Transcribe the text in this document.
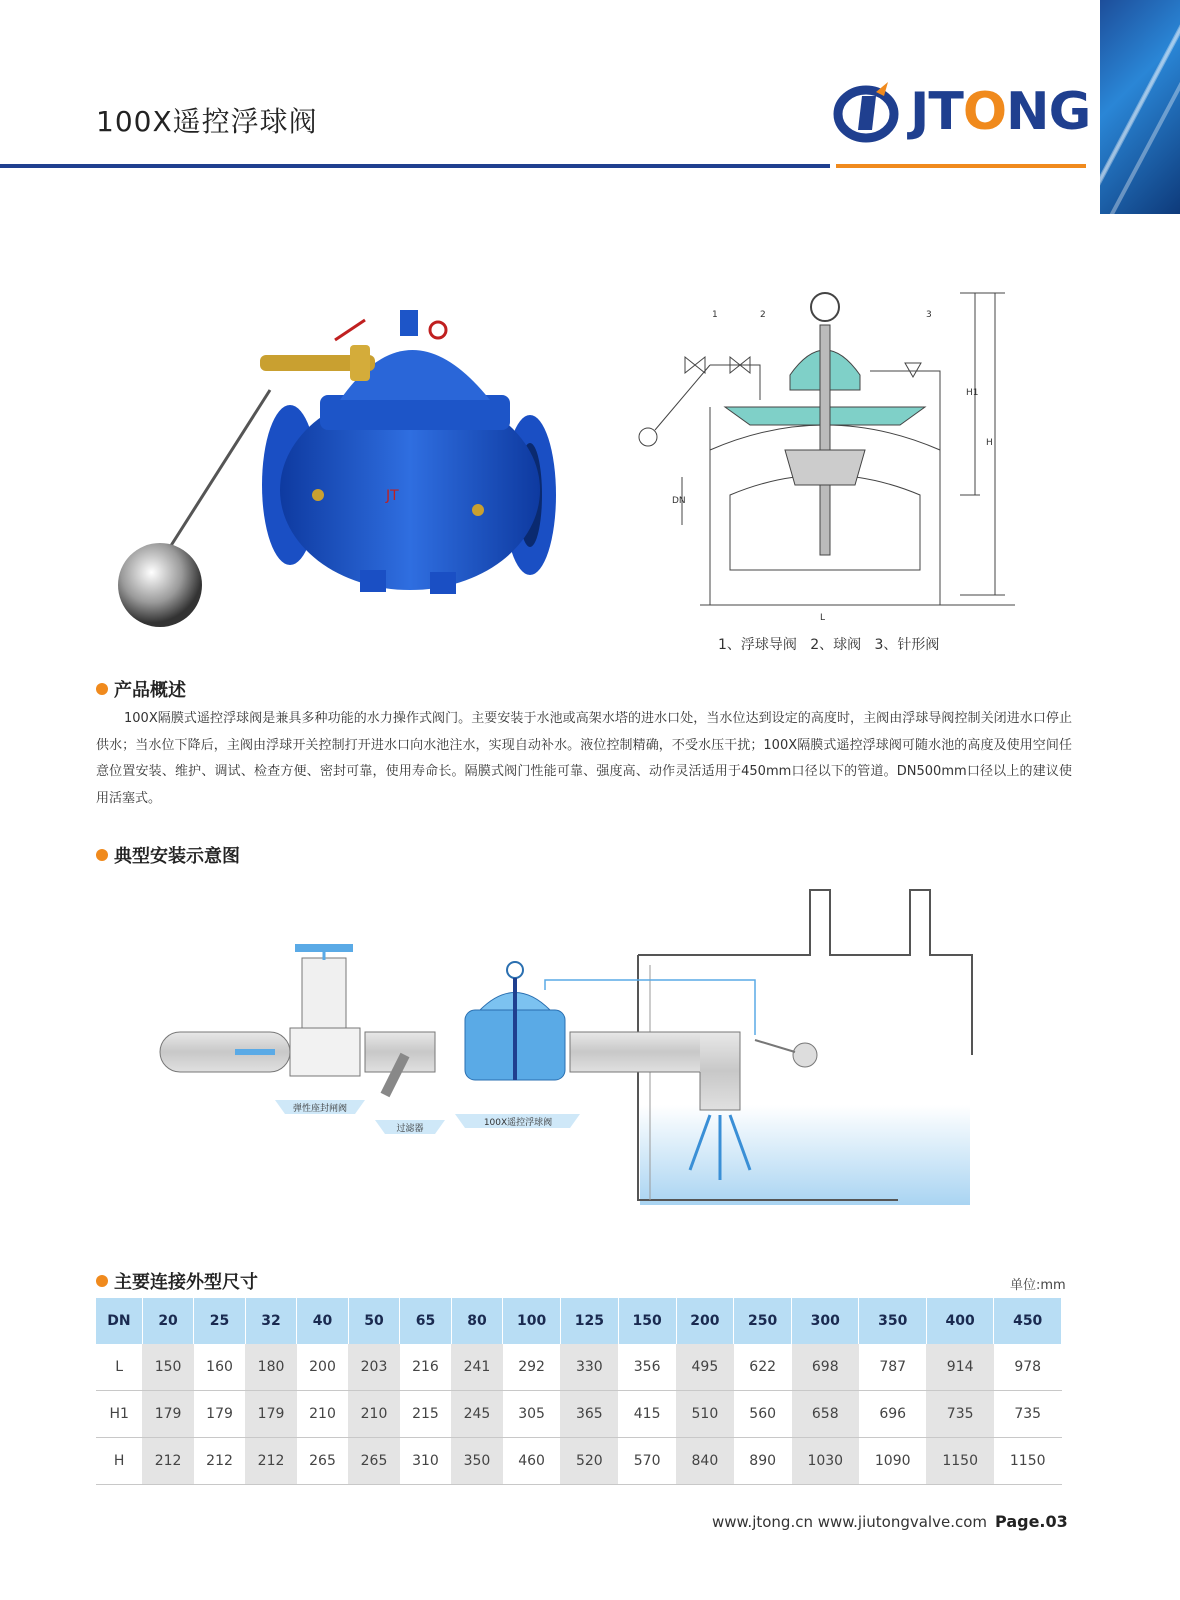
100X遥控浮球阀	JTONG
JT
1	2	3
H1
H
DN
L
1、浮球导阀   2、球阀   3、针形阀
产品概述
100X隔膜式遥控浮球阀是兼具多种功能的水力操作式阀门。主要安装于水池或高架水塔的进水口处，当水位达到设定的高度时，主阀由浮球导阀控制关闭进水口停止供水；当水位下降后，主阀由浮球开关控制打开进水口向水池注水，实现自动补水。液位控制精确，不受水压干扰；100X隔膜式遥控浮球阀可随水池的高度及使用空间任意位置安装、维护、调试、检查方便、密封可靠，使用寿命长。隔膜式阀门性能可靠、强度高、动作灵活适用于450mm口径以下的管道。DN500mm口径以上的建议使用活塞式。
典型安装示意图
弹性座封闸阀
过滤器
100X遥控浮球阀
主要连接外型尺寸	单位:mm
DN	20	25	32	40	50	65	80	100	125	150	200	250	300	350	400	450
L	150	160	180	200	203	216	241	292	330	356	495	622	698	787	914	978
H1	179	179	179	210	210	215	245	305	365	415	510	560	658	696	735	735
H	212	212	212	265	265	310	350	460	520	570	840	890	1030	1090	1150	1150
www.jtong.cn www.jiutongvalve.com Page.03
